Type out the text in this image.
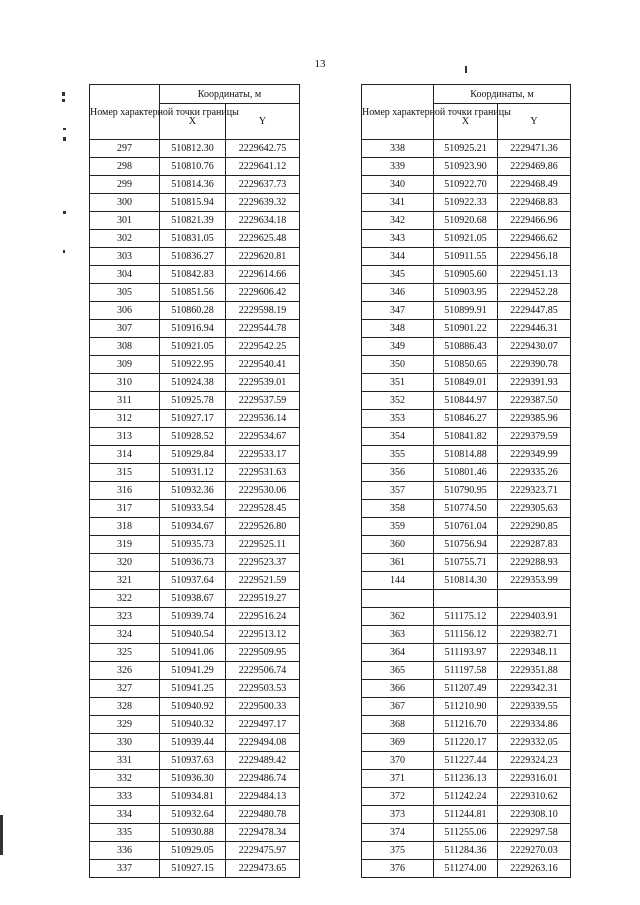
13
Номер характерной точки границы	Координаты, м	
	X	Y
297	510812.30	2229642.75
298	510810.76	2229641.12
299	510814.36	2229637.73
300	510815.94	2229639.32
301	510821.39	2229634.18
302	510831.05	2229625.48
303	510836.27	2229620.81
304	510842.83	2229614.66
305	510851.56	2229606.42
306	510860.28	2229598.19
307	510916.94	2229544.78
308	510921.05	2229542.25
309	510922.95	2229540.41
310	510924.38	2229539.01
311	510925.78	2229537.59
312	510927.17	2229536.14
313	510928.52	2229534.67
314	510929.84	2229533.17
315	510931.12	2229531.63
316	510932.36	2229530.06
317	510933.54	2229528.45
318	510934.67	2229526.80
319	510935.73	2229525.11
320	510936.73	2229523.37
321	510937.64	2229521.59
322	510938.67	2229519.27
323	510939.74	2229516.24
324	510940.54	2229513.12
325	510941.06	2229509.95
326	510941.29	2229506.74
327	510941.25	2229503.53
328	510940.92	2229500.33
329	510940.32	2229497.17
330	510939.44	2229494.08
331	510937.63	2229489.42
332	510936.30	2229486.74
333	510934.81	2229484.13
334	510932.64	2229480.78
335	510930.88	2229478.34
336	510929.05	2229475.97
337	510927.15	2229473.65
Номер характерной точки границы	Координаты, м	
	X	Y
338	510925.21	2229471.36
339	510923.90	2229469.86
340	510922.70	2229468.49
341	510922.33	2229468.83
342	510920.68	2229466.96
343	510921.05	2229466.62
344	510911.55	2229456.18
345	510905.60	2229451.13
346	510903.95	2229452.28
347	510899.91	2229447.85
348	510901.22	2229446.31
349	510886.43	2229430.07
350	510850.65	2229390.78
351	510849.01	2229391.93
352	510844.97	2229387.50
353	510846.27	2229385.96
354	510841.82	2229379.59
355	510814.88	2229349.99
356	510801.46	2229335.26
357	510790.95	2229323.71
358	510774.50	2229305.63
359	510761.04	2229290.85
360	510756.94	2229287.83
361	510755.71	2229288.93
144	510814.30	2229353.99

362	511175.12	2229403.91
363	511156.12	2229382.71
364	511193.97	2229348.11
365	511197.58	2229351.88
366	511207.49	2229342.31
367	511210.90	2229339.55
368	511216.70	2229334.86
369	511220.17	2229332.05
370	511227.44	2229324.23
371	511236.13	2229316.01
372	511242.24	2229310.62
373	511244.81	2229308.10
374	511255.06	2229297.58
375	511284.36	2229270.03
376	511274.00	2229263.16
